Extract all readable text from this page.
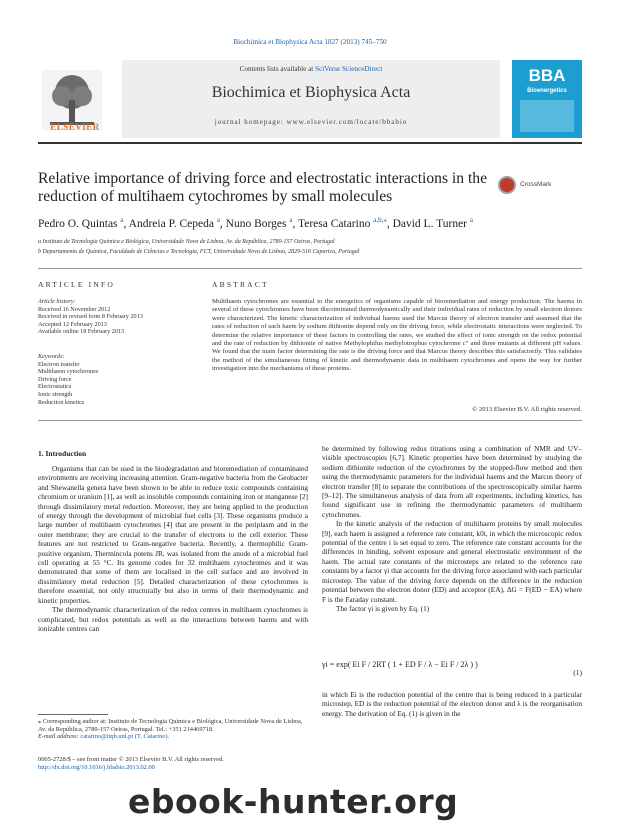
Biochimica et Biophysica Acta 1827 (2013) 745–750
ELSEVIER
Contents lists available at SciVerse ScienceDirect
Biochimica et Biophysica Acta
journal homepage: www.elsevier.com/locate/bbabio
BBA
Bioenergetics
Relative importance of driving force and electrostatic interactions in the reduction of multihaem cytochromes by small molecules
CrossMark
Pedro O. Quintas $^a$, Andreia P. Cepeda $^a$, Nuno Borges $^a$, Teresa Catarino $^{a,b,⁎}$, David L. Turner $^a$
a Instituto de Tecnologia Química e Biológica, Universidade Nova de Lisboa, Av. da República, 2780-157 Oeiras, Portugal
b Departamento de Química, Faculdade de Ciências e Tecnologia, FCT, Universidade Nova de Lisboa, 2829-516 Caparica, Portugal
ARTICLE INFO	ABSTRACT
Article history:
Received 16 November 2012
Received in revised form 8 February 2013
Accepted 12 February 2013
Available online 18 February 2013
Keywords:
Electron transfer
Multihaem cytochromes
Driving force
Electrostatics
Ionic strength
Reduction kinetics
Multihaem cytochromes are essential to the energetics of organisms capable of bioremediation and energy production. The haems in several of these cytochromes have been discriminated thermodynamically and their individual rates of reduction by small electron donors were characterized. The kinetic characterization of individual haems used the Marcus theory of electron transfer and assumed that the rates of reduction of each haem by sodium dithionite depend only on the driving force, while electrostatic interactions were neglected. To determine the relative importance of these factors in controlling the rates, we studied the effect of ionic strength on the redox potential and the rate of reduction by dithionite of native Methylophilus methylotrophus cytochrome c″ and three mutants at different pH values. We found that the main factor determining the rate is the driving force and that Marcus theory describes this satisfactorily. This validates the method of the simultaneous fitting of kinetic and thermodynamic data in multihaem cytochromes and opens the way for further investigation into the mechanisms of these proteins.
© 2013 Elsevier B.V. All rights reserved.
1. Introduction

Organisms that can be used in the biodegradation and bioremediation of contaminated environments are receiving increasing attention. Gram-negative bacteria from the Geobacter and Shewanella genera have been shown to be able to reduce toxic compounds containing chromium or uranium [1], as well as insoluble compounds containing iron or manganese [2] through dissimilatory metal reduction. Moreover, they are being applied to the production of energy through the development of microbial fuel cells [3]. These organisms produce a large number of multihaem cytochromes [4] that are present in the periplasm and in the outer membrane; they are crucial to the transfer of electrons to the cell exterior. These features are not restricted to Gram-negative bacteria. Recently, a thermophilic Gram-positive organism, Thermincola potens JR, was isolated from the anode of a microbial fuel cell operating at 55 °C. Its genome codes for 32 multihaem cytochromes and it was demonstrated that some of them are localised in the cell surface and are involved in dissimilatory metal reduction [5]. Detailed characterization of these cytochromes is therefore essential, not only structurally but also in terms of their thermodynamic and kinetic properties.

The thermodynamic characterization of the redox centres in multihaem cytochromes is complicated, but redox potentials as well as the interactions between haems and with ionizable centres can

be determined by following redox titrations using a combination of NMR and UV–visible spectroscopies [6,7]. Kinetic properties have been determined by studying the sodium dithionite reduction of the cytochromes by the stopped-flow method and then using the thermodynamic parameters for the individual haems and the Marcus theory of electron transfer [8] to separate the contributions of the spectroscopically similar haems [9–12]. The simultaneous analysis of data from all experiments, including kinetics, has found significant use in refining the thermodynamic parameters of multihaem cytochromes.

In the kinetic analysis of the reduction of multihaem proteins by small molecules [9], each haem is assigned a reference rate constant, k0i, in which the microscopic redox potential of the centre i is set equal to zero. The reference rate constant accounts for the differences in binding, solvent exposure and general electrostatic environment of the haem. The actual rate constants of the microsteps are related to the reference rate constants by a factor γi that accounts for the driving force associated with each particular microstep. The value of the driving force depends on the difference in the reduction potential between the electron donor (ED) and acceptor (EA), ΔG = F(ED − EA) where F is the Faraday constant.

The factor γi is given by Eq. (1)

γi = exp( Ei F / 2RT ( 1 + ED F / λ − Ei F / 2λ ) )
(1)

in which Ei is the reduction potential of the centre that is being reduced in a particular microstep, ED is the reduction potential of the electron donor and λ is the reorganisation energy. The derivation of Eq. (1) is given in the

⁎ Corresponding author at: Instituto de Tecnologia Química e Biológica, Universidade Nova de Lisboa, Av. da República, 2780-157 Oeiras, Portugal. Tel.: +351 214469718.
E-mail address: catarino@itqb.unl.pt (T. Catarino).
0005-2728/$ – see front matter © 2013 Elsevier B.V. All rights reserved.
http://dx.doi.org/10.1016/j.bbabio.2013.02.00
ebook-hunter.org
